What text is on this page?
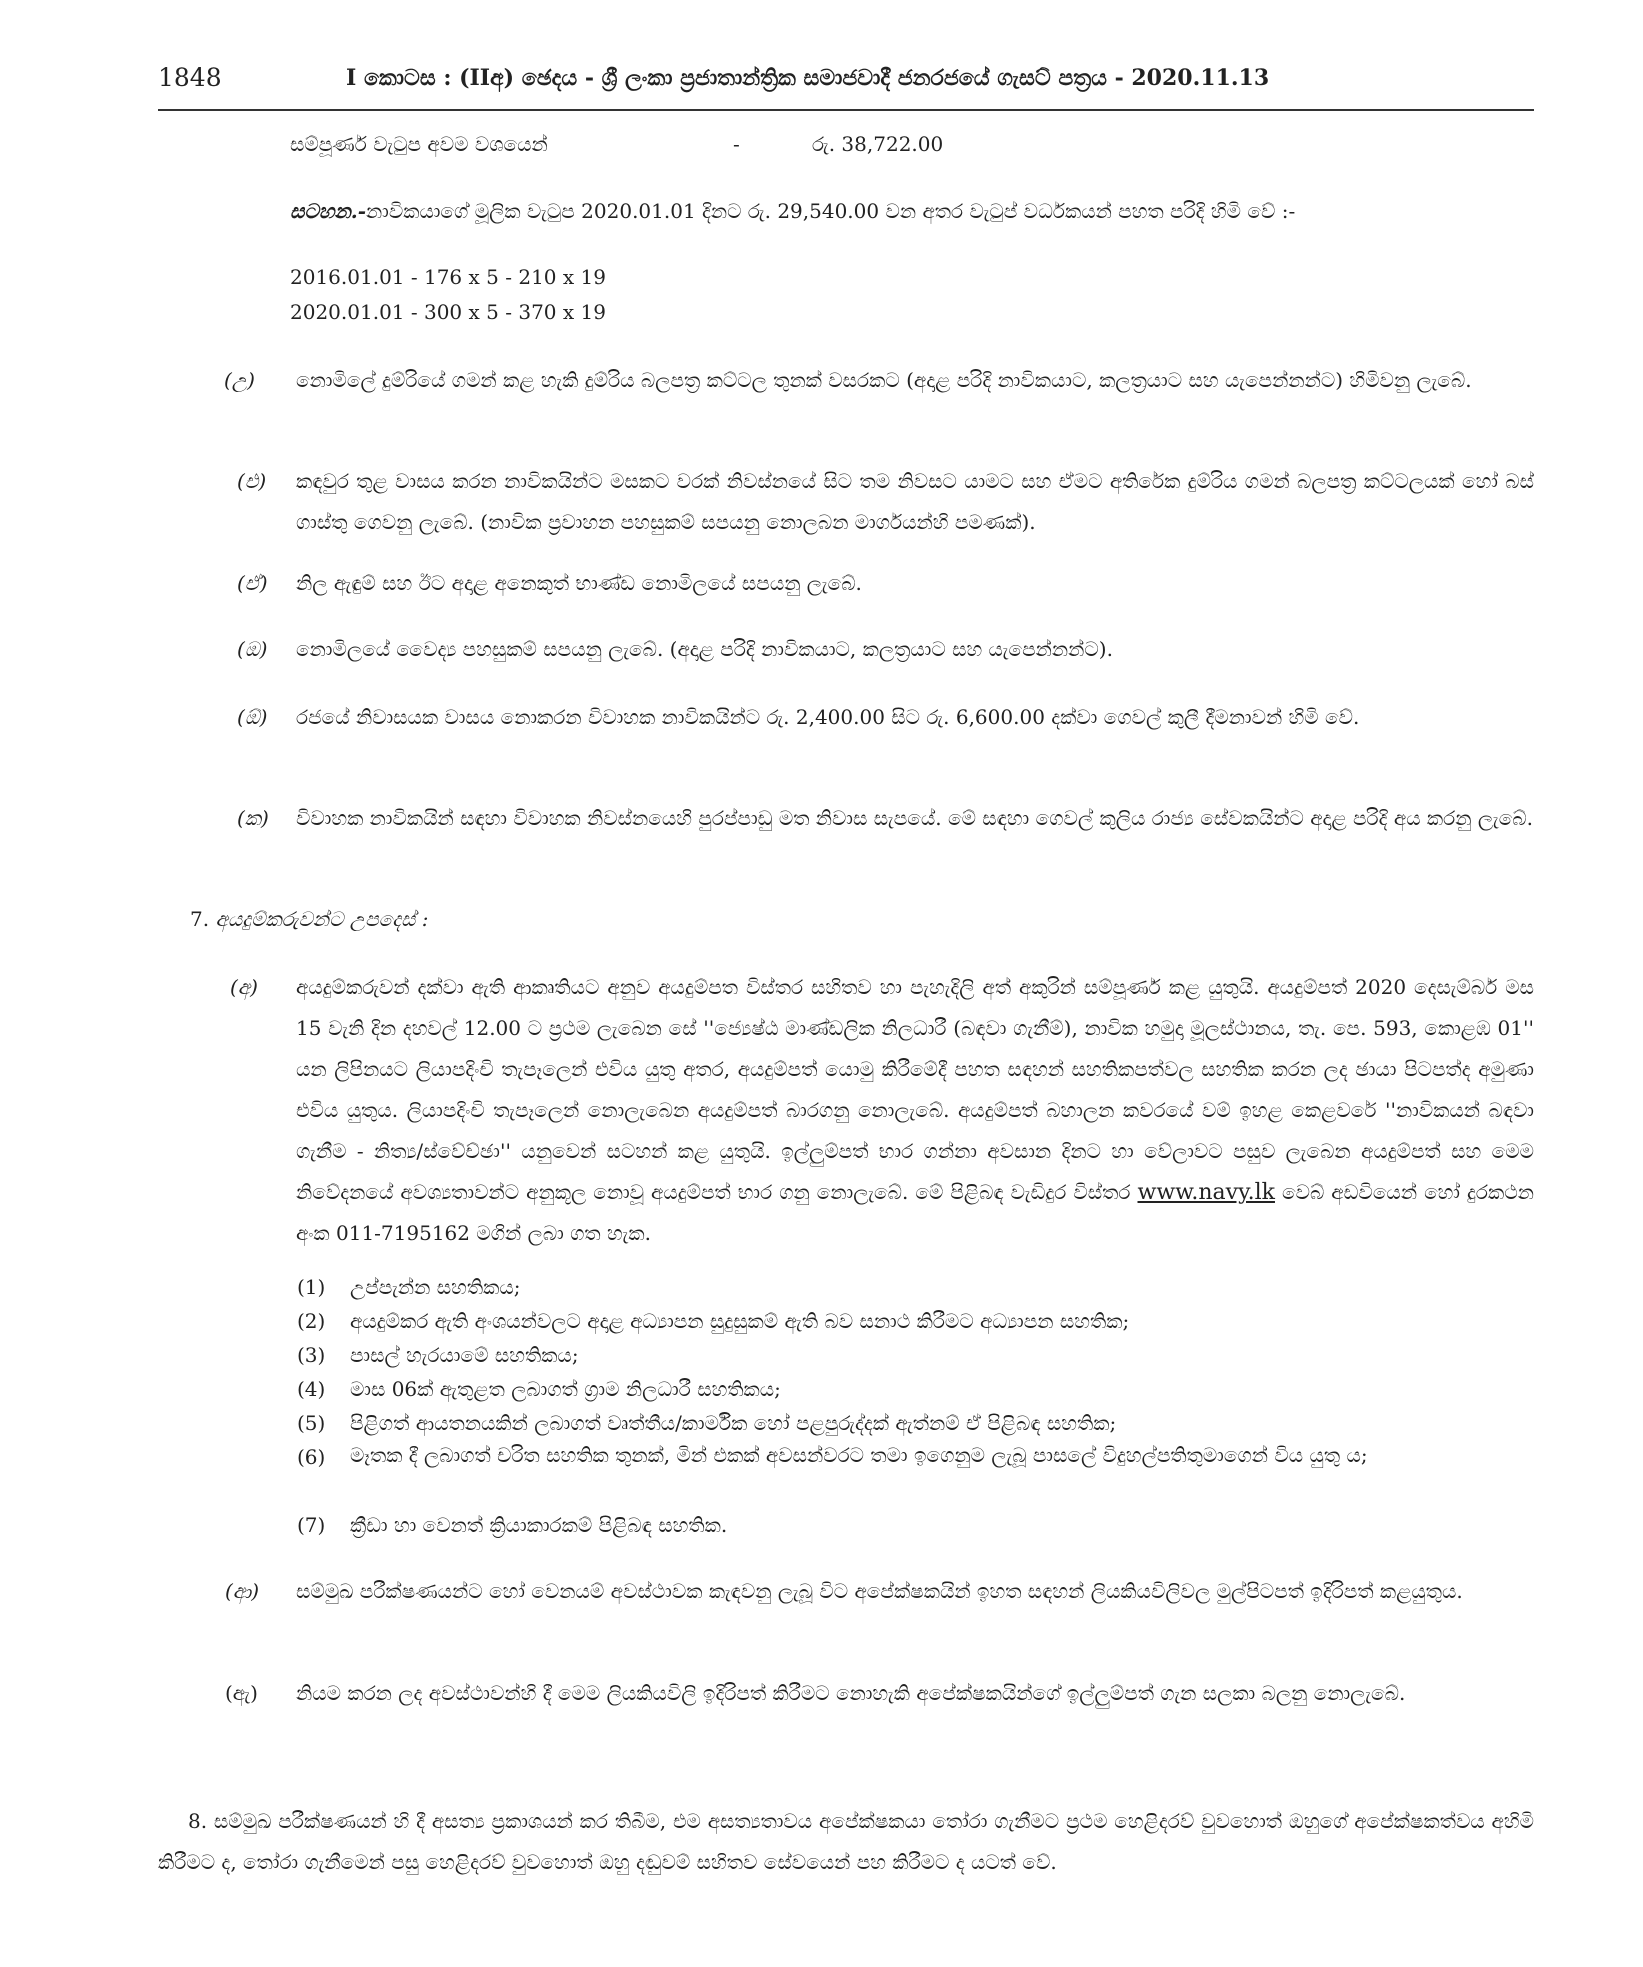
1848	I කොටස : (IIඅ) ඡෙදය - ශ්‍රී ලංකා ප්‍රජාතාන්ත්‍රික සමාජවාදී ජනරජයේ ගැසට් පත්‍රය - 2020.11.13
සම්පූර්ණ වැටුප අවම වශයෙන්	-	රු. 38,722.00
සටහන.-නාවිකයාගේ මූලික වැටුප 2020.01.01 දිනට රු. 29,540.00 වන අතර වැටුප් වර්ධකයන් පහත පරිදි හිමි වේ :-
2016.01.01 - 176 x 5 - 210 x 19
2020.01.01 - 300 x 5 - 370 x 19
(උ) නොමිලේ දුම්රියේ ගමන් කළ හැකි දුම්රිය බලපත්‍ර කට්ටල තුනක් වසරකට (අදාළ පරිදි නාවිකයාට, කලත්‍රයාට සහ යැපෙන්නන්ට) හිමිවනු ලැබේ.
(එ) කඳවුර තුළ වාසය කරන නාවිකයින්ට මසකට වරක් නිවස්නයේ සිට තම නිවසට යාමට සහ ඒමට අතිරේක දුම්රිය ගමන් බලපත්‍ර කට්ටලයක් හෝ බස් ගාස්තු ගෙවනු ලැබේ. (නාවික ප්‍රවාහන පහසුකම් සපයනු නොලබන මාර්ගයන්හි පමණක්).
(ඒ) නිල ඇඳුම් සහ ඊට අදාළ අනෙකුත් භාණ්ඩ නොමිලයේ සපයනු ලැබේ.
(ඔ) නොමිලයේ වෛද්‍ය පහසුකම් සපයනු ලැබේ. (අදාළ පරිදි නාවිකයාට, කලත්‍රයාට සහ යැපෙන්නන්ට).
(ඕ) රජයේ නිවාසයක වාසය නොකරන විවාහක නාවිකයින්ට රු. 2,400.00 සිට රු. 6,600.00 දක්වා ගෙවල් කුලී දීමනාවන් හිමි වේ.
(ක) විවාහක නාවිකයින් සඳහා විවාහක නිවස්නයෙහි පුරප්පාඩු මත නිවාස සැපයේ. මේ සඳහා ගෙවල් කුලිය රාජ්‍ය සේවකයින්ට අදාළ පරිදි අය කරනු ලැබේ.
7. අයදුම්කරුවන්ට උපදෙස් :
(අ) අයදුම්කරුවන් දක්වා ඇති ආකෘතියට අනුව අයදුම්පත විස්තර සහිතව හා පැහැදිලි අත් අකුරින් සම්පූර්ණ කළ යුතුයි. අයදුම්පත් 2020 දෙසැම්බර් මස 15 වැනි දින දහවල් 12.00 ට ප්‍රථම ලැබෙන සේ ''ජ්‍යෙෂ්ඨ මාණ්ඩලික නිලධාරී (බඳවා ගැනීම්), නාවික හමුදා මූලස්ථානය, තැ. පෙ. 593, කොළඹ 01'' යන ලිපිනයට ලියාපදිංචි තැපෑලෙන් එවිය යුතු අතර, අයදුම්පත් යොමු කිරීමේදී පහත සඳහන් සහතිකපත්වල සහතික කරන ලද ඡායා පිටපත්ද අමුණා එවිය යුතුය. ලියාපදිංචි තැපෑලෙන් නොලැබෙන අයදුම්පත් බාරගනු නොලැබේ. අයදුම්පත් බහාලන කවරයේ වම් ඉහළ කෙළවරේ ''නාවිකයන් බඳවා ගැනීම - නිත්‍ය/ස්වේච්ඡා'' යනුවෙන් සටහන් කළ යුතුයි. ඉල්ලුම්පත් භාර ගන්නා අවසාන දිනට හා වේලාවට පසුව ලැබෙන අයදුම්පත් සහ මෙම නිවේදනයේ අවශ්‍යතාවන්ට අනුකූල නොවූ අයදුම්පත් භාර ගනු නොලැබේ. මේ පිළිබඳ වැඩිදුර විස්තර www.navy.lk වෙබ් අඩවියෙන් හෝ දුරකථන අංක 011-7195162 මගින් ලබා ගත හැක.
(1) උප්පැන්න සහතිකය;
(2) අයදුම්කර ඇති අංශයන්වලට අදාළ අධ්‍යාපන සුදුසුකම් ඇති බව සනාථ කිරීමට අධ්‍යාපන සහතික;
(3) පාසල් හැරයාමේ සහතිකය;
(4) මාස 06ක් ඇතුළත ලබාගත් ග්‍රාම නිලධාරී සහතිකය;
(5) පිළිගත් ආයතනයකින් ලබාගත් වෘත්තීය/කාර්මික හෝ පළපුරුද්දක් ඇත්නම් ඒ පිළිබඳ සහතික;
(6) මෑතක දී ලබාගත් චරිත සහතික තුනක්, මින් එකක් අවසන්වරට තමා ඉගෙනුම ලැබූ පාසලේ විදුහල්පතිතුමාගෙන් විය යුතු ය;
(7) ක්‍රීඩා හා වෙනත් ක්‍රියාකාරකම් පිළිබඳ සහතික.
(ආ) සම්මුඛ පරීක්ෂණයන්ට හෝ වෙනයම් අවස්ථාවක කැඳවනු ලැබූ විට අපේක්ෂකයින් ඉහත සඳහන් ලියකියවිලිවල මුල්පිටපත් ඉදිරිපත් කළයුතුය.
(ඇ) නියම කරන ලද අවස්ථාවන්හි දී මෙම ලියකියවිලි ඉදිරිපත් කිරීමට නොහැකි අපේක්ෂකයින්ගේ ඉල්ලුම්පත් ගැන සලකා බලනු නොලැබේ.
8. සම්මුඛ පරීක්ෂණයන් හි දී අසත්‍ය ප්‍රකාශයන් කර තිබීම, එම අසත්‍යතාවය අපේක්ෂකයා තෝරා ගැනීමට ප්‍රථම හෙළිදරව් වුවහොත් ඔහුගේ අපේක්ෂකත්වය අහිමි කිරීමට ද, තෝරා ගැනීමෙන් පසු හෙළිදරව් වුවහොත් ඔහු දඬුවම් සහිතව සේවයෙන් පහ කිරීමට ද යටත් වේ.
